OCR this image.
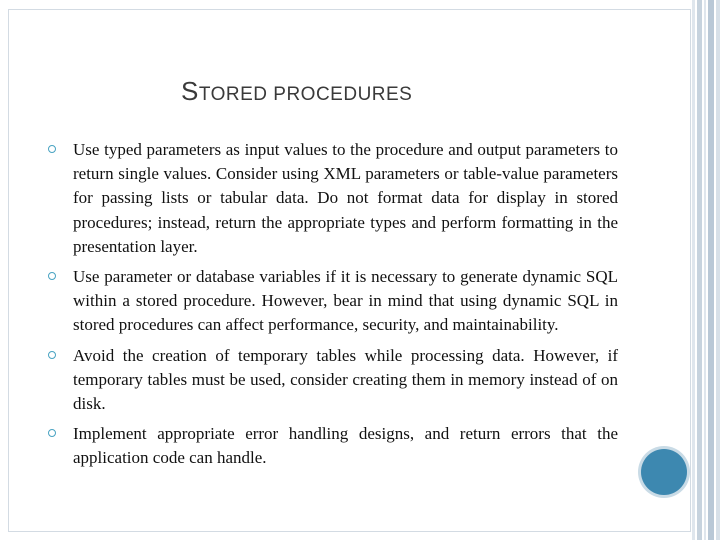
STORED PROCEDURES
Use typed parameters as input values to the procedure and output parameters to return single values. Consider using XML parameters or table-value parameters for passing lists or tabular data. Do not format data for display in stored procedures; instead, return the appropriate types and perform formatting in the presentation layer.
Use parameter or database variables if it is necessary to generate dynamic SQL within a stored procedure. However, bear in mind that using dynamic SQL in stored procedures can affect performance, security, and maintainability.
Avoid the creation of temporary tables while processing data. However, if temporary tables must be used, consider creating them in memory instead of on disk.
Implement appropriate error handling designs, and return errors that the application code can handle.
